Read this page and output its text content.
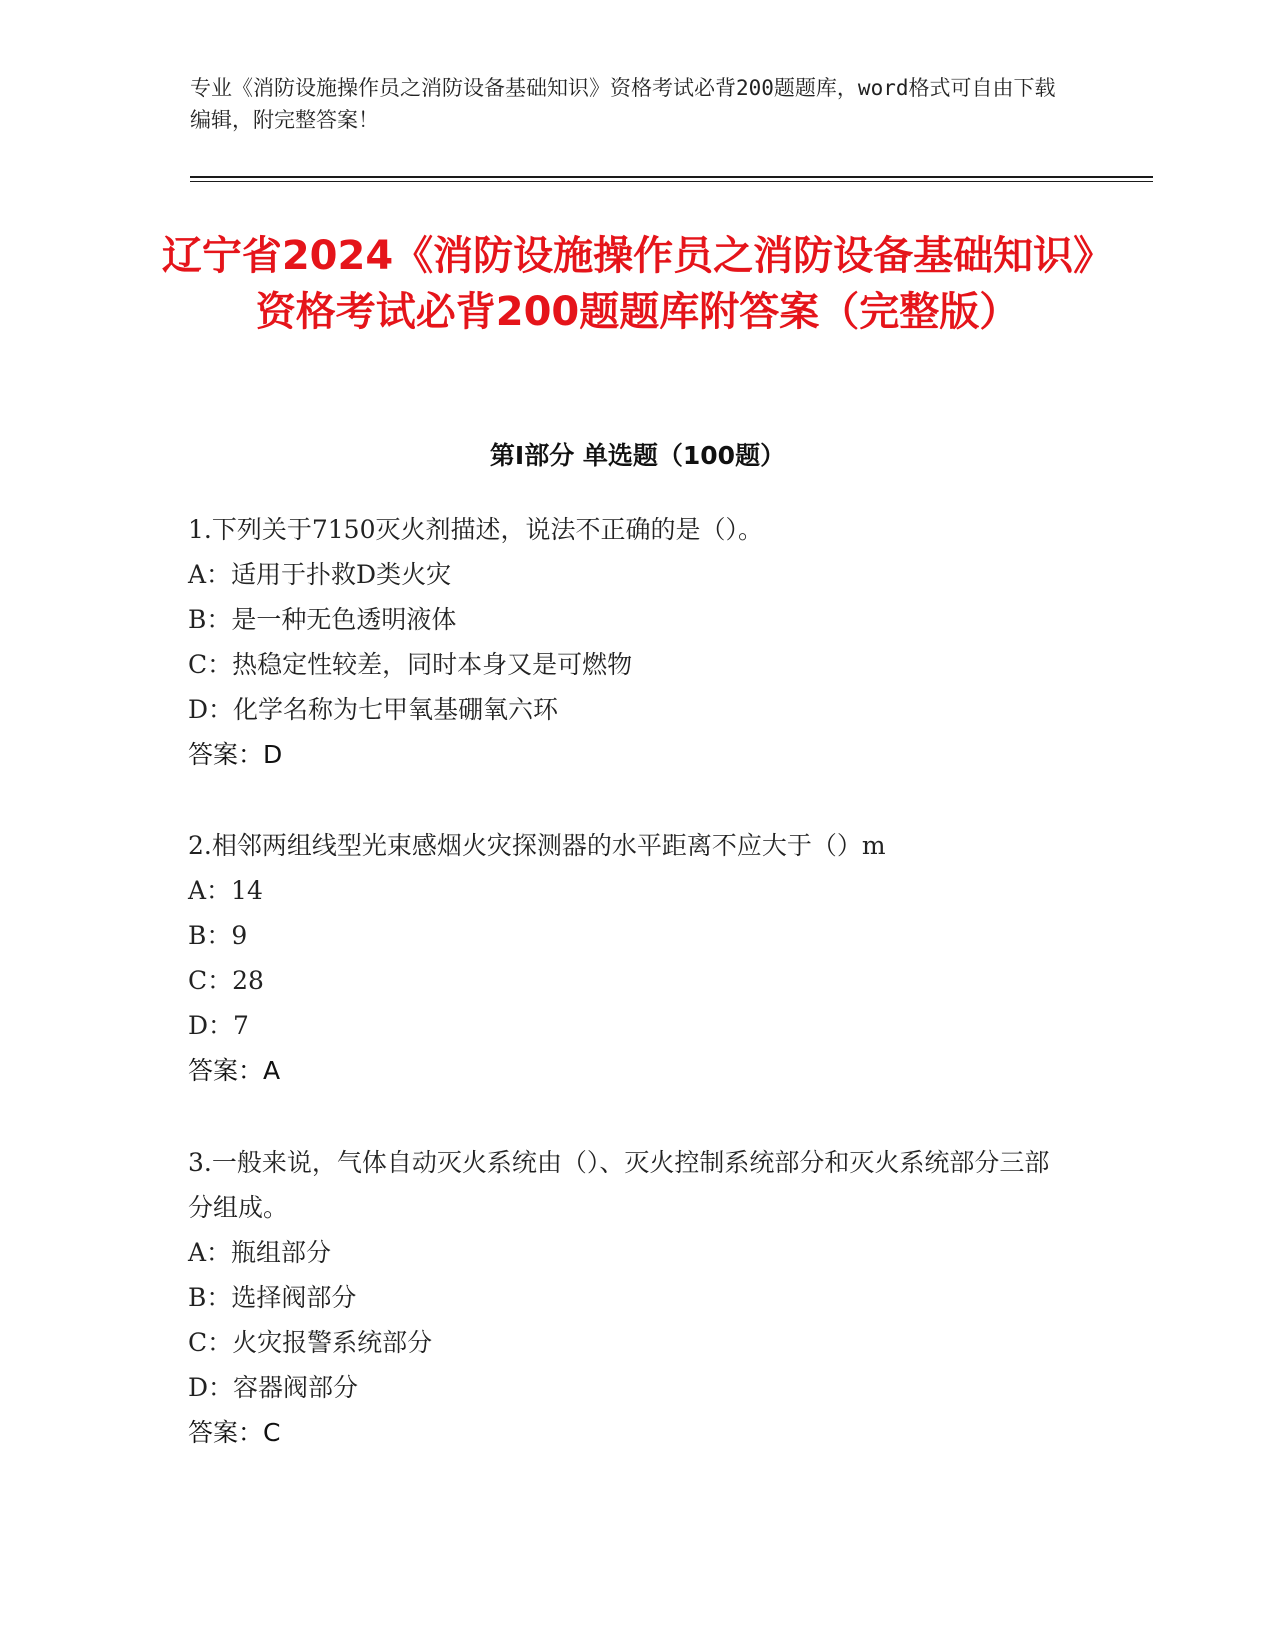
专业《消防设施操作员之消防设备基础知识》资格考试必背200题题库，word格式可自由下载编辑，附完整答案！
辽宁省2024《消防设施操作员之消防设备基础知识》资格考试必背200题题库附答案（完整版）
第I部分 单选题（100题）
1.下列关于7150灭火剂描述，说法不正确的是（）。
A：适用于扑救D类火灾
B：是一种无色透明液体
C：热稳定性较差，同时本身又是可燃物
D：化学名称为七甲氧基硼氧六环
答案：D
2.相邻两组线型光束感烟火灾探测器的水平距离不应大于（）m
A：14
B：9
C：28
D：7
答案：A
3.一般来说，气体自动灭火系统由（）、灭火控制系统部分和灭火系统部分三部分组成。
A：瓶组部分
B：选择阀部分
C：火灾报警系统部分
D：容器阀部分
答案：C
